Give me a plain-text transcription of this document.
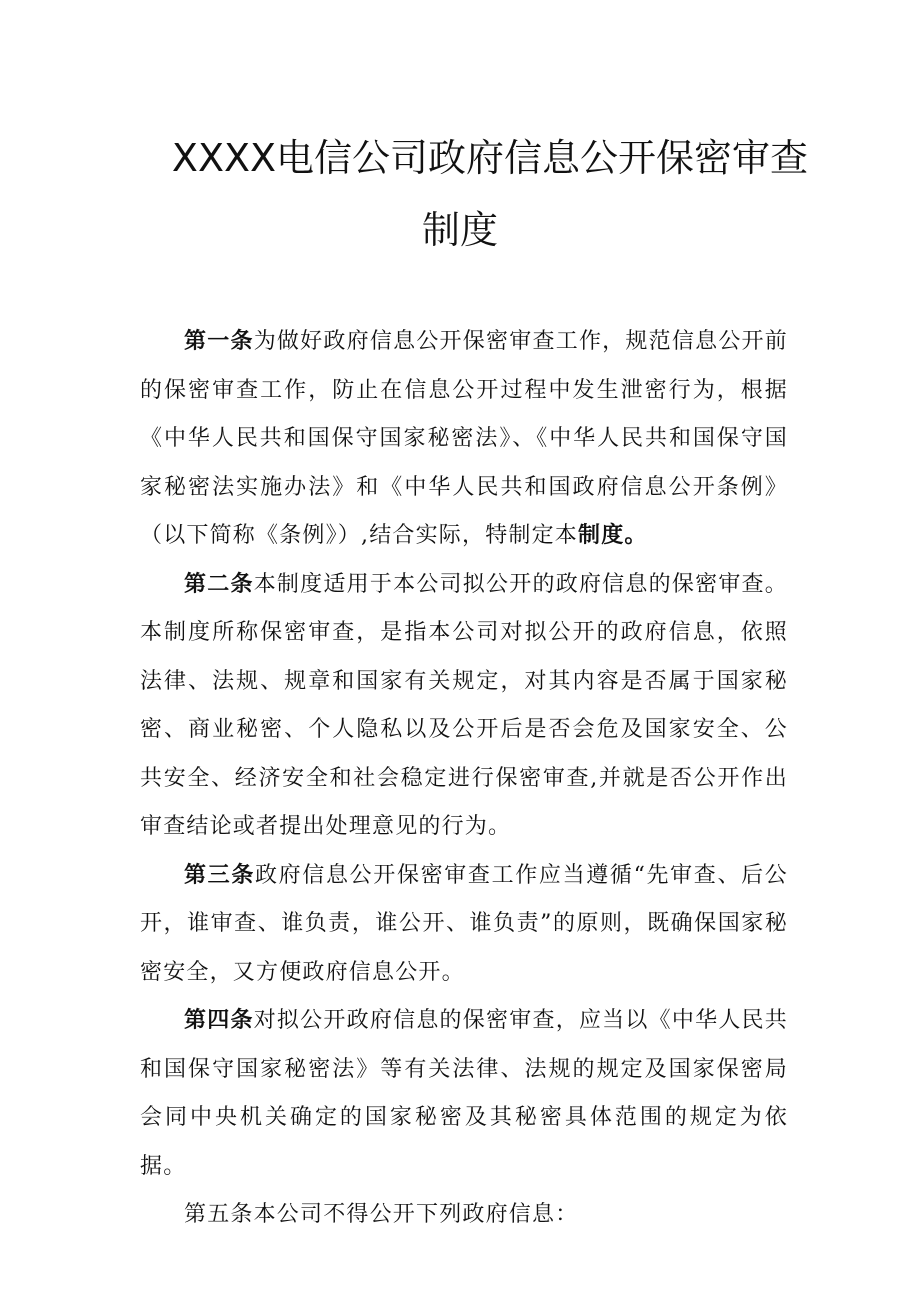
XXXX电信公司政府信息公开保密审查
制度

第一条为做好政府信息公开保密审查工作，规范信息公开前的保密审查工作，防止在信息公开过程中发生泄密行为，根据《中华人民共和国保守国家秘密法》、《中华人民共和国保守国家秘密法实施办法》和《中华人民共和国政府信息公开条例》（以下简称《条例》）,结合实际，特制定本制度。

第二条本制度适用于本公司拟公开的政府信息的保密审查。本制度所称保密审查，是指本公司对拟公开的政府信息，依照法律、法规、规章和国家有关规定，对其内容是否属于国家秘密、商业秘密、个人隐私以及公开后是否会危及国家安全、公共安全、经济安全和社会稳定进行保密审查,并就是否公开作出审查结论或者提出处理意见的行为。

第三条政府信息公开保密审查工作应当遵循“先审查、后公开，谁审查、谁负责，谁公开、谁负责”的原则，既确保国家秘密安全，又方便政府信息公开。

第四条对拟公开政府信息的保密审查，应当以《中华人民共和国保守国家秘密法》等有关法律、法规的规定及国家保密局会同中央机关确定的国家秘密及其秘密具体范围的规定为依据。

第五条本公司不得公开下列政府信息：
